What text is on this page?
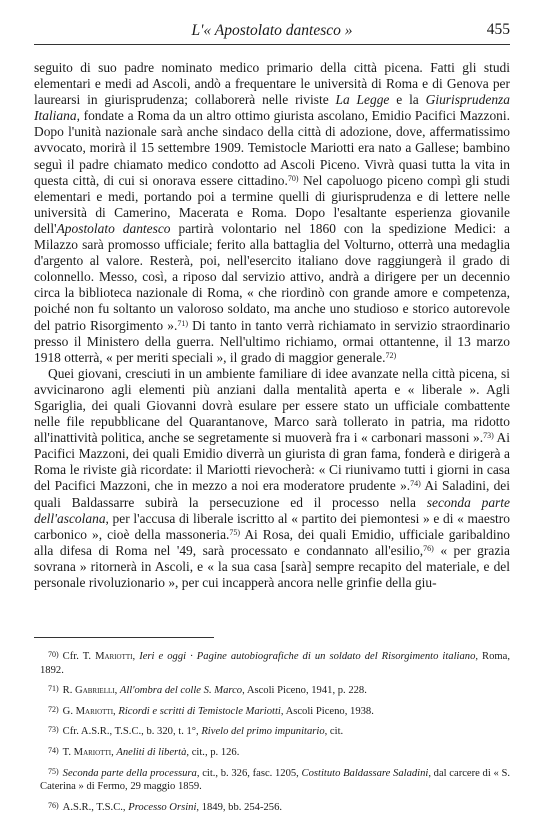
L'« Apostolato dantesco »	455

seguito di suo padre nominato medico primario della città picena. Fatti gli studi elementari e medi ad Ascoli, andò a frequentare le università di Roma e di Genova per laurearsi in giurisprudenza; collaborerà nelle riviste La Legge e la Giurisprudenza Italiana, fondate a Roma da un altro ottimo giurista ascolano, Emidio Pacifici Mazzoni. Dopo l'unità nazionale sarà anche sindaco della città di adozione, dove, affermatissimo avvocato, morirà il 15 settembre 1909. Temistocle Mariotti era nato a Gallese; bambino seguì il padre chiamato medico condotto ad Ascoli Piceno. Vivrà quasi tutta la vita in questa città, di cui si onorava essere cittadino.$^{70)}$ Nel capoluogo piceno compì gli studi elementari e medi, portando poi a termine quelli di giurisprudenza e di lettere nelle università di Camerino, Macerata e Roma. Dopo l'esaltante esperienza giovanile dell'Apostolato dantesco partirà volontario nel 1860 con la spedizione Medici: a Milazzo sarà promosso ufficiale; ferito alla battaglia del Volturno, otterrà una medaglia d'argento al valore. Resterà, poi, nell'esercito italiano dove raggiungerà il grado di colonnello. Messo, così, a riposo dal servizio attivo, andrà a dirigere per un decennio circa la biblioteca nazionale di Roma, « che riordinò con grande amore e competenza, poiché non fu soltanto un valoroso soldato, ma anche uno studioso e storico autorevole del patrio Risorgimento ».$^{71)}$ Di tanto in tanto verrà richiamato in servizio straordinario presso il Ministero della guerra. Nell'ultimo richiamo, ormai ottantenne, il 13 marzo 1918 otterrà, « per meriti speciali », il grado di maggior generale.$^{72)}$

Quei giovani, cresciuti in un ambiente familiare di idee avanzate nella città picena, si avvicinarono agli elementi più anziani dalla mentalità aperta e « liberale ». Agli Sgariglia, dei quali Giovanni dovrà esulare per essere stato un ufficiale combattente nelle file repubblicane del Quarantanove, Marco sarà tollerato in patria, ma ridotto all'inattività politica, anche se segretamente si muoverà fra i « carbonari massoni ».$^{73)}$ Ai Pacifici Mazzoni, dei quali Emidio diverrà un giurista di gran fama, fonderà e dirigerà a Roma le riviste già ricordate: il Mariotti rievocherà: « Ci riunivamo tutti i giorni in casa del Pacifici Mazzoni, che in mezzo a noi era moderatore prudente ».$^{74)}$ Ai Saladini, dei quali Baldassarre subirà la persecuzione ed il processo nella seconda parte dell'ascolana, per l'accusa di liberale iscritto al « partito dei piemontesi » e di « maestro carbonico », cioè della massoneria.$^{75)}$ Ai Rosa, dei quali Emidio, ufficiale garibaldino alla difesa di Roma nel '49, sarà processato e condannato all'esilio,$^{76)}$ « per grazia sovrana » ritornerà in Ascoli, e « la sua casa [sarà] sempre recapito del materiale, e del personale rivoluzionario », per cui incapperà ancora nelle grinfie della giu-

70) Cfr. T. Mariotti, Ieri e oggi · Pagine autobiografiche di un soldato del Risorgimento italiano, Roma, 1892.
71) R. Gabrielli, All'ombra del colle S. Marco, Ascoli Piceno, 1941, p. 228.
72) G. Mariotti, Ricordi e scritti di Temistocle Mariotti, Ascoli Piceno, 1938.
73) Cfr. A.S.R., T.S.C., b. 320, t. 1°, Rivelo del primo impunitario, cit.
74) T. Mariotti, Aneliti di libertà, cit., p. 126.
75) Seconda parte della processura, cit., b. 326, fasc. 1205, Costituto Baldassare Saladini, dal carcere di « S. Caterina » di Fermo, 29 maggio 1859.
76) A.S.R., T.S.C., Processo Orsini, 1849, bb. 254-256.
